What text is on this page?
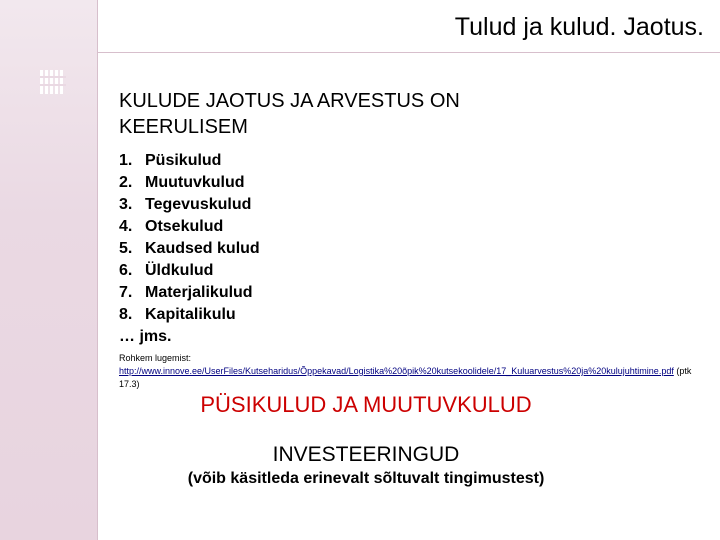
Tulud ja kulud. Jaotus.
KULUDE JAOTUS JA ARVESTUS ON KEERULISEM
1. Püsikulud
2. Muutuvkulud
3. Tegevuskulud
4. Otsekulud
5. Kaudsed kulud
6. Üldkulud
7. Materjalikulud
8. Kapitalikulu
… jms.
Rohkem lugemist:
http://www.innove.ee/UserFiles/Kutseharidus/Õppekavad/Logistika%20õpik%20kutsekoolidele/17_Kuluarvestus%20ja%20kulujuhtimine.pdf (ptk 17.3)
PÜSIKULUD JA MUUTUVKULUD
INVESTEERINGUD
(võib käsitleda erinevalt sõltuvalt tingimustest)
